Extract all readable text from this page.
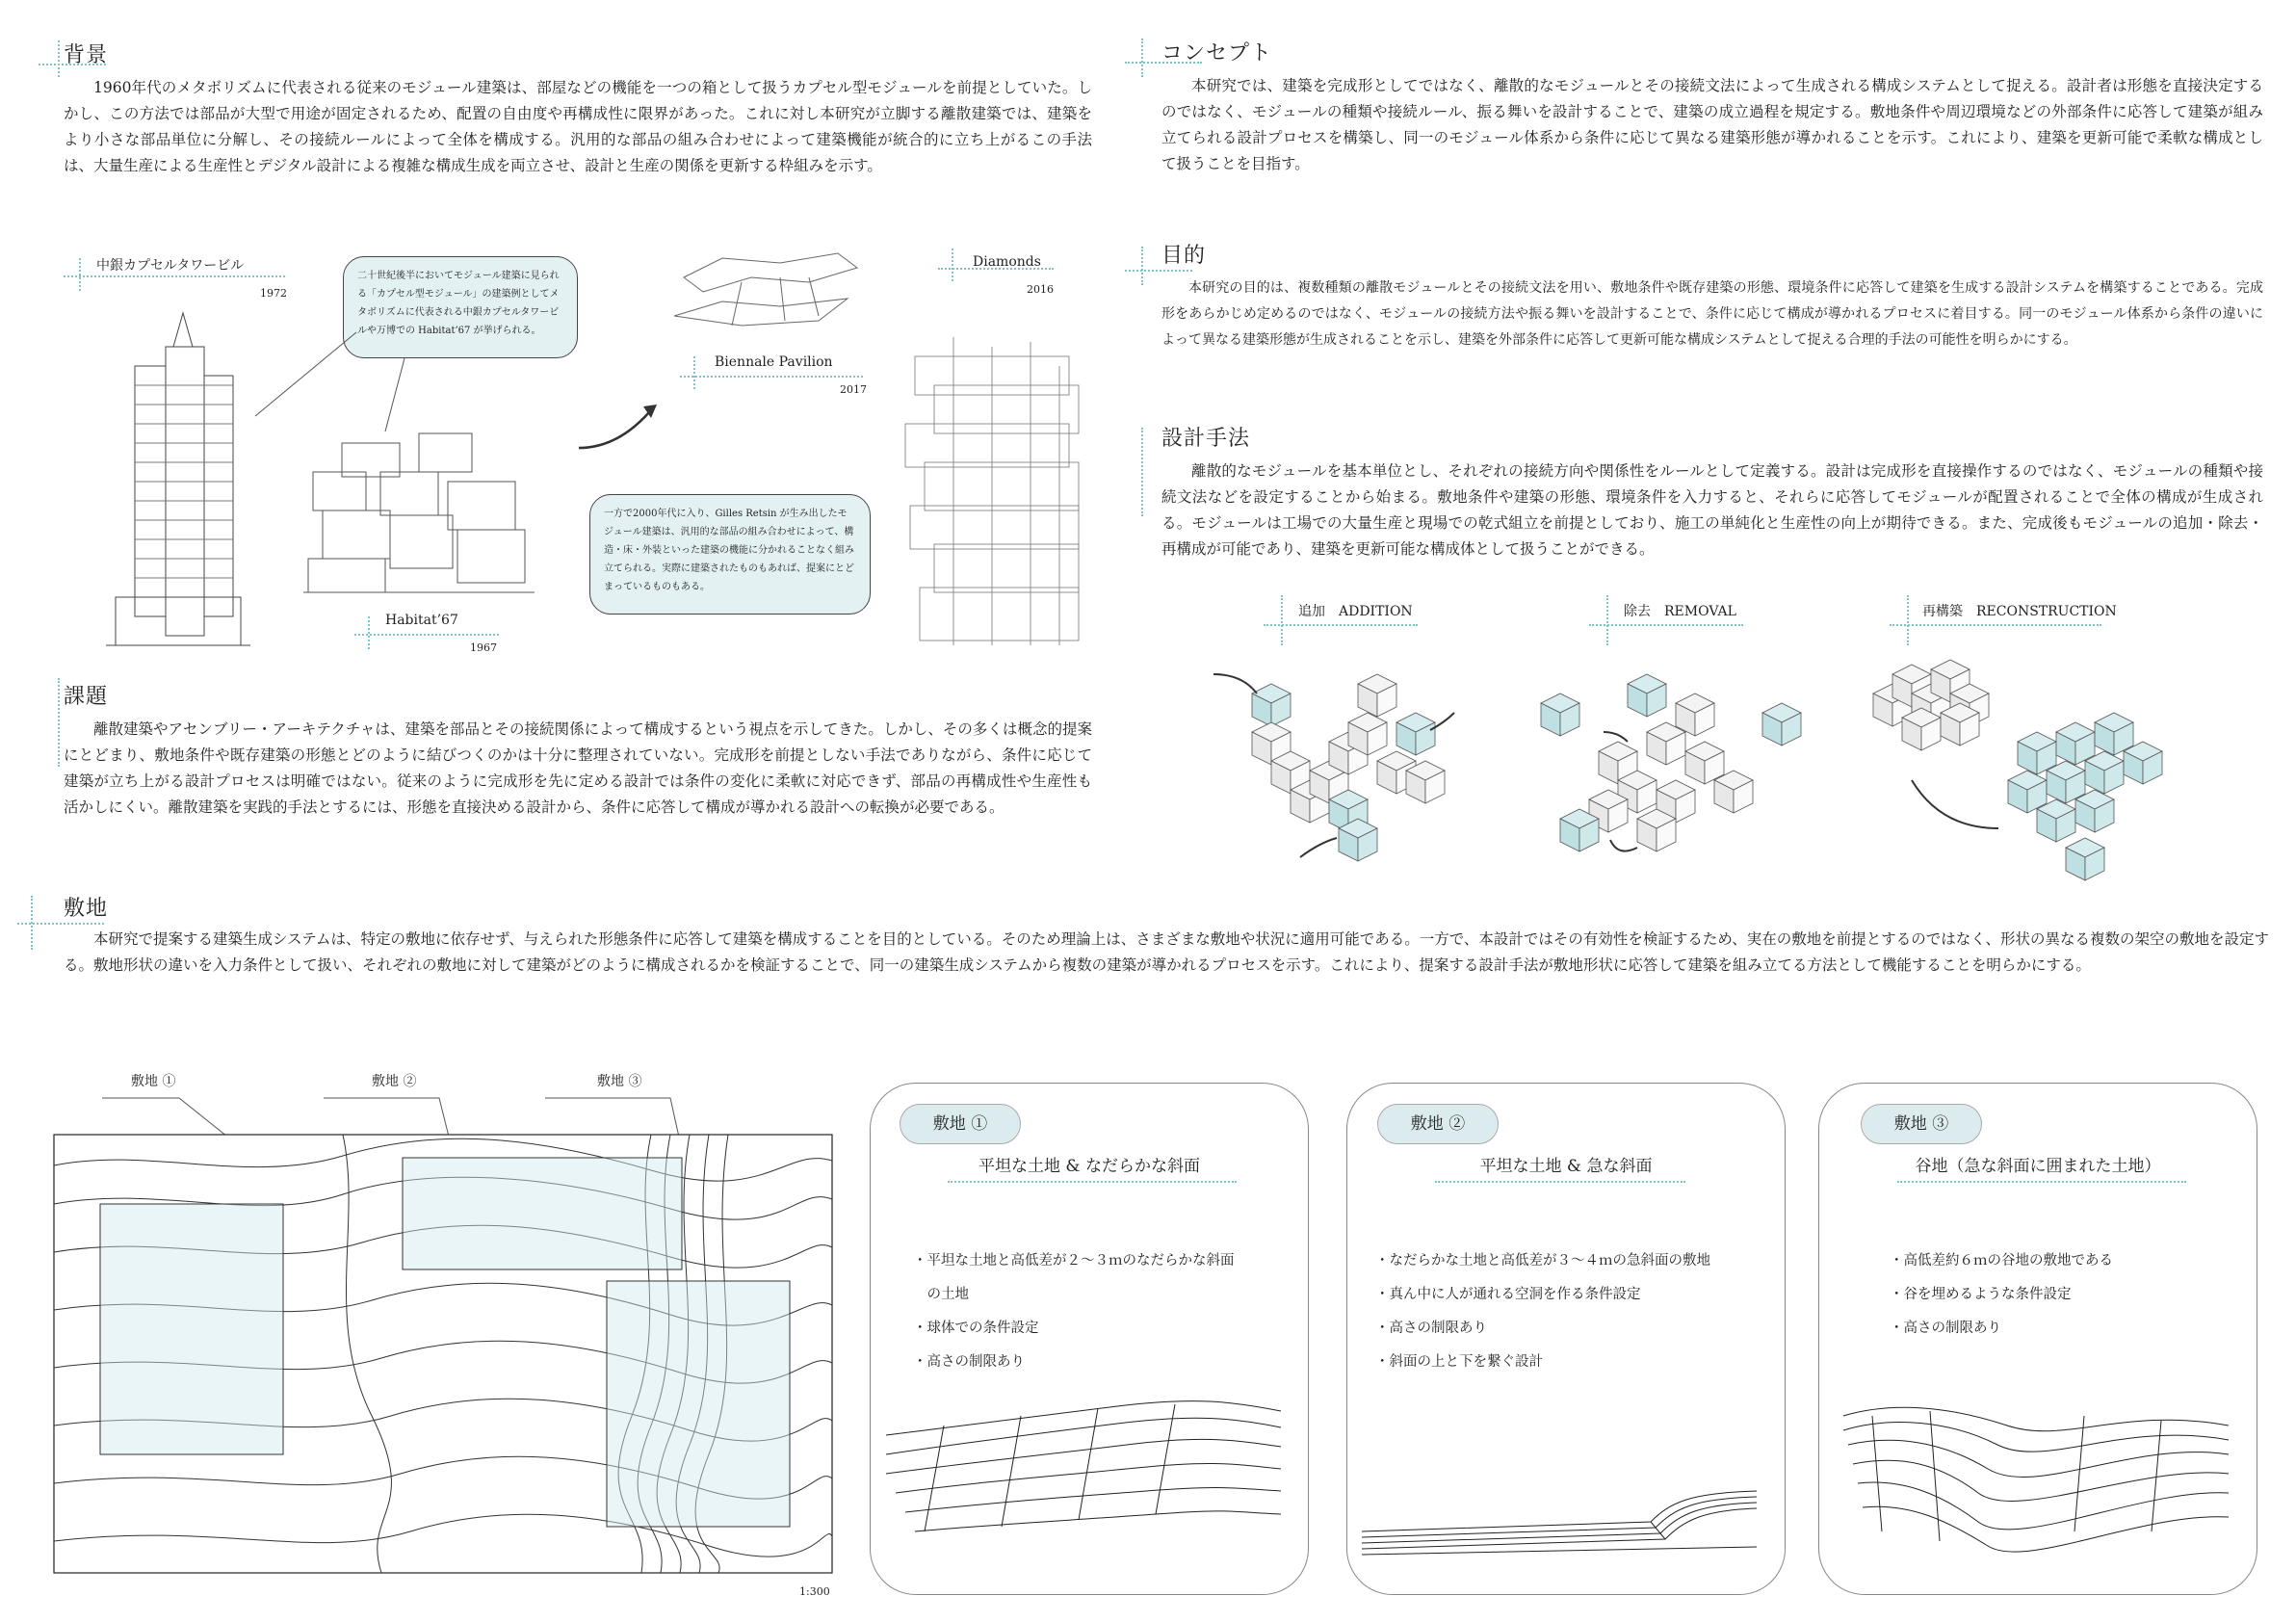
背景
1960年代のメタボリズムに代表される従来のモジュール建築は、部屋などの機能を一つの箱として扱うカプセル型モジュールを前提としていた。しかし、この方法では部品が大型で用途が固定されるため、配置の自由度や再構成性に限界があった。これに対し本研究が立脚する離散建築では、建築をより小さな部品単位に分解し、その接続ルールによって全体を構成する。汎用的な部品の組み合わせによって建築機能が統合的に立ち上がるこの手法は、大量生産による生産性とデジタル設計による複雑な構成生成を両立させ、設計と生産の関係を更新する枠組みを示す。
中銀カプセルタワービル
1972
二十世紀後半においてモジュール建築に見られる「カプセル型モジュール」の建築例としてメタボリズムに代表される中銀カプセルタワービルや万博での Habitat’67 が挙げられる。
Habitat’67
1967
Biennale Pavilion
2017
一方で2000年代に入り、Gilles Retsin が生み出したモジュール建築は、汎用的な部品の組み合わせによって、構造・床・外装といった建築の機能に分かれることなく組み立てられる。実際に建築されたものもあれば、提案にとどまっているものもある。
Diamonds
2016
課題
離散建築やアセンブリー・アーキテクチャは、建築を部品とその接続関係によって構成するという視点を示してきた。しかし、その多くは概念的提案にとどまり、敷地条件や既存建築の形態とどのように結びつくのかは十分に整理されていない。完成形を前提としない手法でありながら、条件に応じて建築が立ち上がる設計プロセスは明確ではない。従来のように完成形を先に定める設計では条件の変化に柔軟に対応できず、部品の再構成性や生産性も活かしにくい。離散建築を実践的手法とするには、形態を直接決める設計から、条件に応答して構成が導かれる設計への転換が必要である。
コンセプト
本研究では、建築を完成形としてではなく、離散的なモジュールとその接続文法によって生成される構成システムとして捉える。設計者は形態を直接決定するのではなく、モジュールの種類や接続ルール、振る舞いを設計することで、建築の成立過程を規定する。敷地条件や周辺環境などの外部条件に応答して建築が組み立てられる設計プロセスを構築し、同一のモジュール体系から条件に応じて異なる建築形態が導かれることを示す。これにより、建築を更新可能で柔軟な構成として扱うことを目指す。
目的
本研究の目的は、複数種類の離散モジュールとその接続文法を用い、敷地条件や既存建築の形態、環境条件に応答して建築を生成する設計システムを構築することである。完成形をあらかじめ定めるのではなく、モジュールの接続方法や振る舞いを設計することで、条件に応じて構成が導かれるプロセスに着目する。同一のモジュール体系から条件の違いによって異なる建築形態が生成されることを示し、建築を外部条件に応答して更新可能な構成システムとして捉える合理的手法の可能性を明らかにする。
設計手法
離散的なモジュールを基本単位とし、それぞれの接続方向や関係性をルールとして定義する。設計は完成形を直接操作するのではなく、モジュールの種類や接続文法などを設定することから始まる。敷地条件や建築の形態、環境条件を入力すると、それらに応答してモジュールが配置されることで全体の構成が生成される。モジュールは工場での大量生産と現場での乾式組立を前提としており、施工の単純化と生産性の向上が期待できる。また、完成後もモジュールの追加・除去・再構成が可能であり、建築を更新可能な構成体として扱うことができる。
追加　ADDITION	除去　REMOVAL	再構築　RECONSTRUCTION
敷地
本研究で提案する建築生成システムは、特定の敷地に依存せず、与えられた形態条件に応答して建築を構成することを目的としている。そのため理論上は、さまざまな敷地や状況に適用可能である。一方で、本設計ではその有効性を検証するため、実在の敷地を前提とするのではなく、形状の異なる複数の架空の敷地を設定する。敷地形状の違いを入力条件として扱い、それぞれの敷地に対して建築がどのように構成されるかを検証することで、同一の建築生成システムから複数の建築が導かれるプロセスを示す。これにより、提案する設計手法が敷地形状に応答して建築を組み立てる方法として機能することを明らかにする。
敷地 ①	敷地 ②	敷地 ③
1:300
敷地 ①
平坦な土地 & なだらかな斜面
・平坦な土地と高低差が２～３ｍのなだらかな斜面
　の土地
・球体での条件設定
・高さの制限あり
敷地 ②
平坦な土地 & 急な斜面
・なだらかな土地と高低差が３～４ｍの急斜面の敷地
・真ん中に人が通れる空洞を作る条件設定
・高さの制限あり
・斜面の上と下を繋ぐ設計
敷地 ③
谷地（急な斜面に囲まれた土地）
・高低差約６ｍの谷地の敷地である
・谷を埋めるような条件設定
・高さの制限あり
